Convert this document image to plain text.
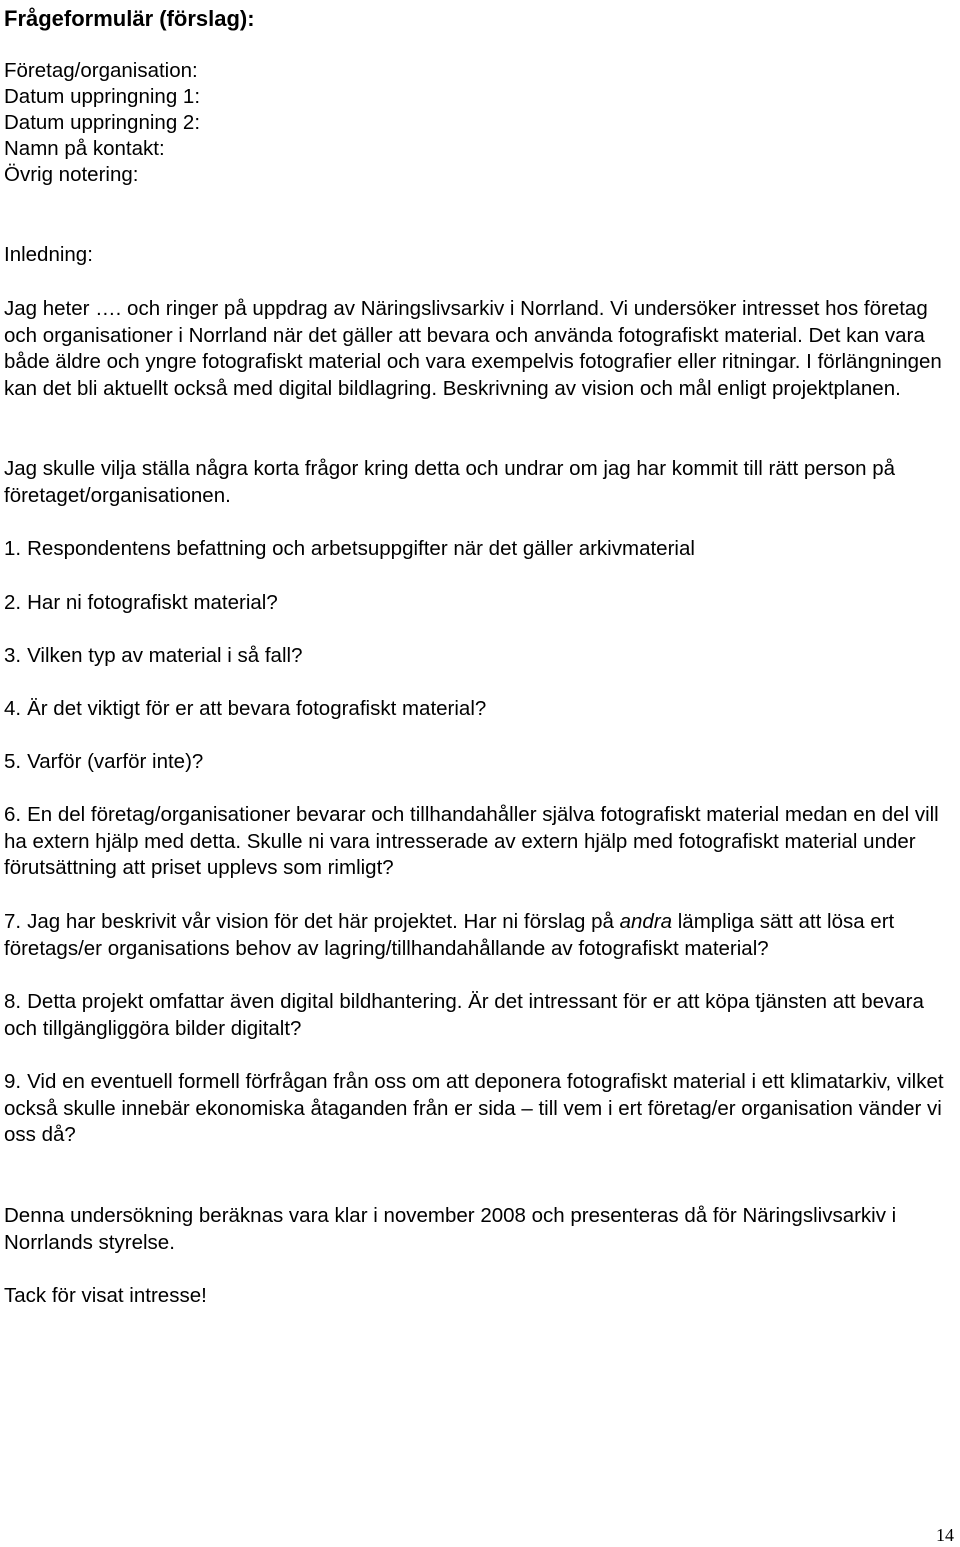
Frågeformulär (förslag):
Företag/organisation:
Datum uppringning 1:
Datum uppringning 2:
Namn på kontakt:
Övrig notering:

Inledning:

Jag heter …. och ringer på uppdrag av Näringslivsarkiv i Norrland. Vi undersöker intresset hos företag och organisationer i Norrland när det gäller att bevara och använda fotografiskt material. Det kan vara både äldre och yngre fotografiskt material och vara exempelvis fotografier eller ritningar. I förlängningen kan det bli aktuellt också med digital bildlagring. Beskrivning av vision och mål enligt projektplanen.

Jag skulle vilja ställa några korta frågor kring detta och undrar om jag har kommit till rätt person på företaget/organisationen.

1. Respondentens befattning och arbetsuppgifter när det gäller arkivmaterial

2. Har ni fotografiskt material?

3. Vilken typ av material i så fall?

4. Är det viktigt för er att bevara fotografiskt material?

5. Varför (varför inte)?

6. En del företag/organisationer bevarar och tillhandahåller själva fotografiskt material medan en del vill ha extern hjälp med detta. Skulle ni vara intresserade av extern hjälp med fotografiskt material under förutsättning att priset upplevs som rimligt?

7. Jag har beskrivit vår vision för det här projektet. Har ni förslag på andra lämpliga sätt att lösa ert företags/er organisations behov av lagring/tillhandahållande av fotografiskt material?

8. Detta projekt omfattar även digital bildhantering. Är det intressant för er att köpa tjänsten att bevara och tillgängliggöra bilder digitalt?

9. Vid en eventuell formell förfrågan från oss om att deponera fotografiskt material i ett klimatarkiv, vilket också skulle innebär ekonomiska åtaganden från er sida – till vem i ert företag/er organisation vänder vi oss då?

Denna undersökning beräknas vara klar i november 2008 och presenteras då för Näringslivsarkiv i Norrlands styrelse.

Tack för visat intresse!

14
